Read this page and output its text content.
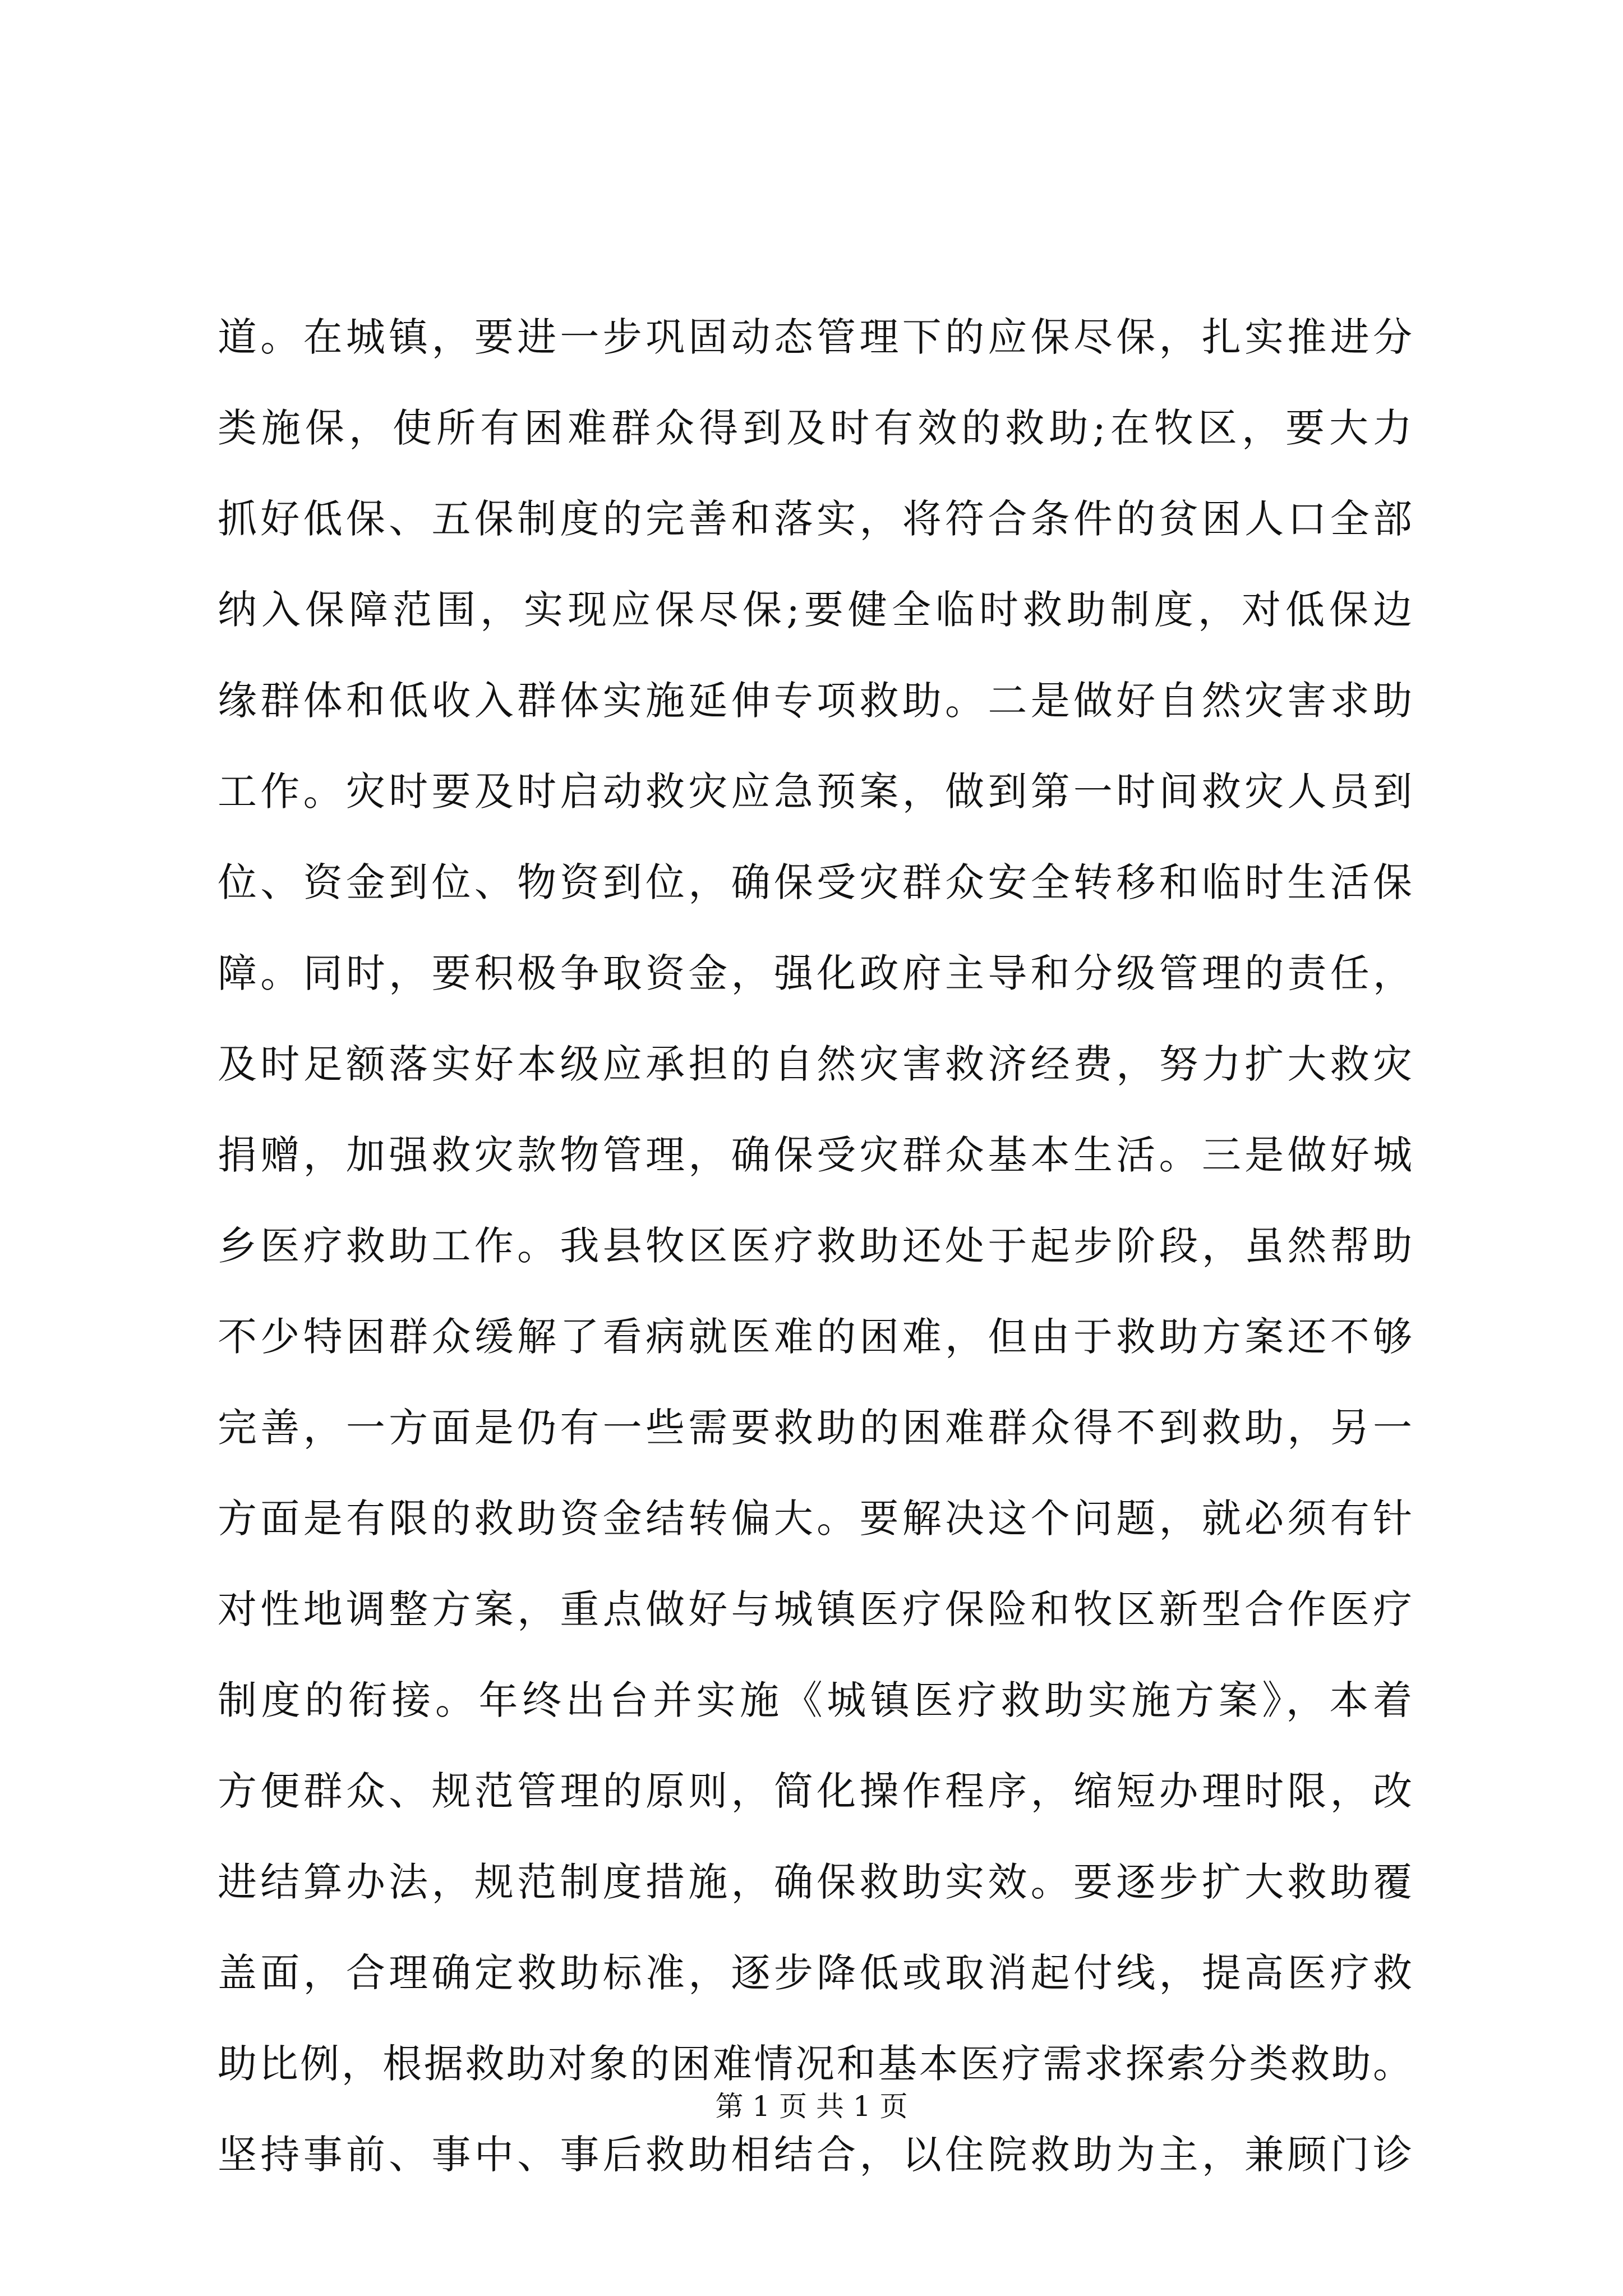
道。在城镇，要进一步巩固动态管理下的应保尽保，扎实推进分
类施保，使所有困难群众得到及时有效的救助;在牧区，要大力
抓好低保、五保制度的完善和落实，将符合条件的贫困人口全部
纳入保障范围，实现应保尽保;要健全临时救助制度，对低保边
缘群体和低收入群体实施延伸专项救助。二是做好自然灾害求助
工作。灾时要及时启动救灾应急预案，做到第一时间救灾人员到
位、资金到位、物资到位，确保受灾群众安全转移和临时生活保
障。同时，要积极争取资金，强化政府主导和分级管理的责任，
及时足额落实好本级应承担的自然灾害救济经费，努力扩大救灾
捐赠，加强救灾款物管理，确保受灾群众基本生活。三是做好城
乡医疗救助工作。我县牧区医疗救助还处于起步阶段，虽然帮助
不少特困群众缓解了看病就医难的困难，但由于救助方案还不够
完善，一方面是仍有一些需要救助的困难群众得不到救助，另一
方面是有限的救助资金结转偏大。要解决这个问题，就必须有针
对性地调整方案，重点做好与城镇医疗保险和牧区新型合作医疗
制度的衔接。年终出台并实施《城镇医疗救助实施方案》，本着
方便群众、规范管理的原则，简化操作程序，缩短办理时限，改
进结算办法，规范制度措施，确保救助实效。要逐步扩大救助覆
盖面，合理确定救助标准，逐步降低或取消起付线，提高医疗救
助比例，根据救助对象的困难情况和基本医疗需求探索分类救助。
坚持事前、事中、事后救助相结合，以住院救助为主，兼顾门诊
第 1 页 共 1 页
